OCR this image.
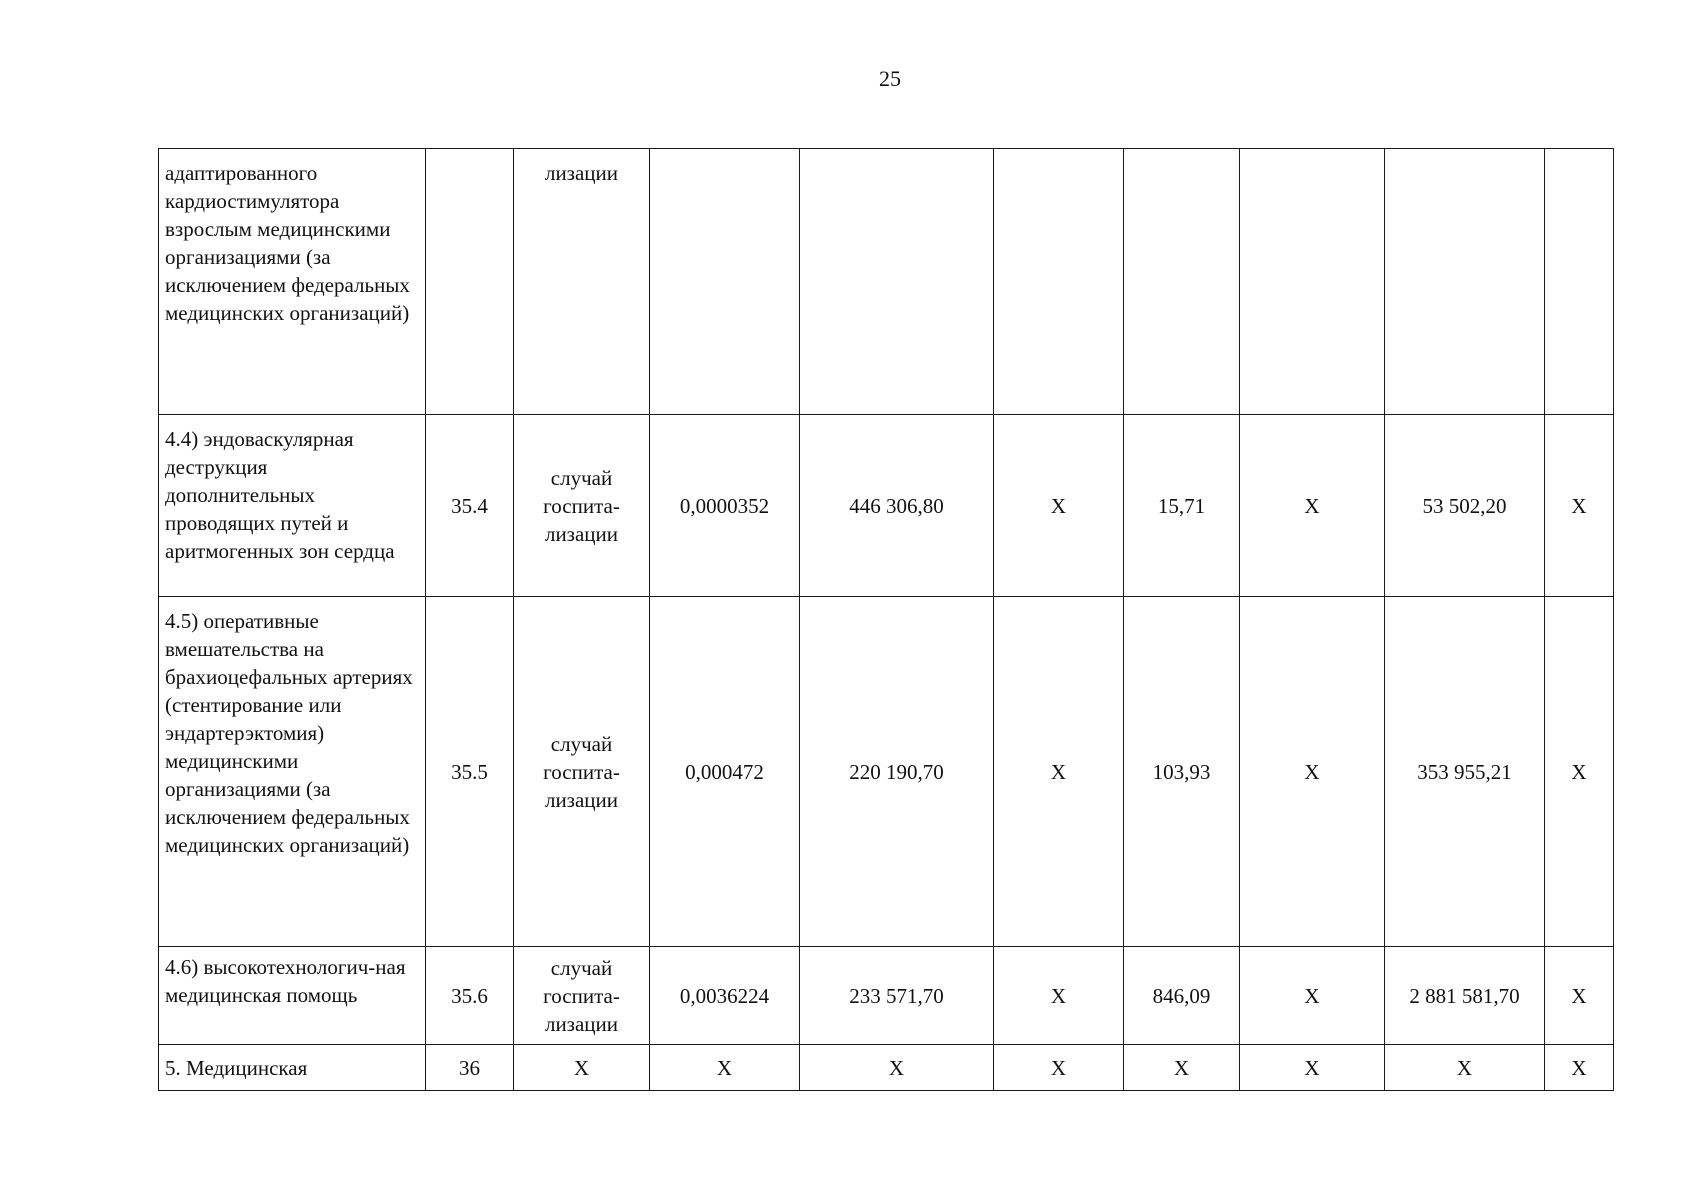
25
адаптированного кардиостимулятора взрослым медицинскими организациями (за исключением федеральных медицинских организаций)		лизации							
4.4) эндоваскулярная деструкция дополнительных проводящих путей и аритмогенных зон сердца	35.4	случай госпита-лизации	0,0000352	446 306,80	X	15,71	X	53 502,20	X
4.5) оперативные вмешательства на брахиоцефальных артериях (стентирование или эндартерэктомия) медицинскими организациями (за исключением федеральных медицинских организаций)	35.5	случай госпита-лизации	0,000472	220 190,70	X	103,93	X	353 955,21	X
4.6) высокотехнологич-ная медицинская помощь	35.6	случай госпита-лизации	0,0036224	233 571,70	X	846,09	X	2 881 581,70	X
5. Медицинская	36	X	X	X	X	X	X	X	X
